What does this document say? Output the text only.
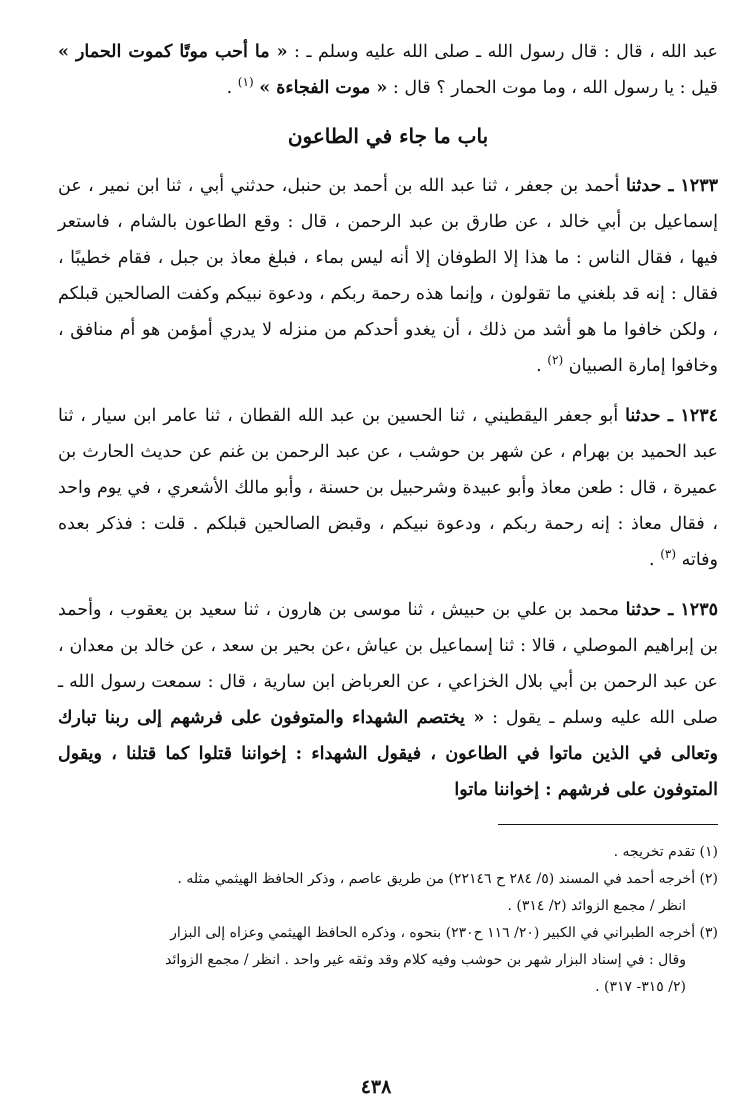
عبد الله ، قال : قال رسول الله ـ صلى الله عليه وسلم ـ : « ما أحب موتًا كموت الحمار » قيل : يا رسول الله ، وما موت الحمار ؟ قال : « موت الفجاءة » $^{(١)}$ .

باب ما جاء في الطاعون

١٢٣٣ ـ حدثنا أحمد بن جعفر ، ثنا عبد الله بن أحمد بن حنبل، حدثني أبي ، ثنا ابن نمير ، عن إسماعيل بن أبي خالد ، عن طارق بن عبد الرحمن ، قال : وقع الطاعون بالشام ، فاستعر فيها ، فقال الناس : ما هذا إلا الطوفان إلا أنه ليس بماء ، فبلغ معاذ بن جبل ، فقام خطيبًا ، فقال : إنه قد بلغني ما تقولون ، وإنما هذه رحمة ربكم ، ودعوة نبيكم وكفت الصالحين قبلكم ، ولكن خافوا ما هو أشد من ذلك ، أن يغدو أحدكم من منزله لا يدري أمؤمن هو أم منافق ، وخافوا إمارة الصبيان $^{(٢)}$ .

١٢٣٤ ـ حدثنا أبو جعفر اليقطيني ، ثنا الحسين بن عبد الله القطان ، ثنا عامر ابن سيار ، ثنا عبد الحميد بن بهرام ، عن شهر بن حوشب ، عن عبد الرحمن بن غنم عن حديث الحارث بن عميرة ، قال : طعن معاذ وأبو عبيدة وشرحبيل بن حسنة ، وأبو مالك الأشعري ، في يوم واحد ، فقال معاذ : إنه رحمة ربكم ، ودعوة نبيكم ، وقبض الصالحين قبلكم . قلت : فذكر بعده وفاته $^{(٣)}$ .

١٢٣٥ ـ حدثنا محمد بن علي بن حبيش ، ثنا موسى بن هارون ، ثنا سعيد بن يعقوب ، وأحمد بن إبراهيم الموصلي ، قالا : ثنا إسماعيل بن عياش ،عن بحير بن سعد ، عن خالد بن معدان ، عن عبد الرحمن بن أبي بلال الخزاعي ، عن العرباض ابن سارية ، قال : سمعت رسول الله ـ صلى الله عليه وسلم ـ يقول : « يختصم الشهداء والمتوفون على فرشهم إلى ربنا تبارك وتعالى في الذين ماتوا في الطاعون ، فيقول الشهداء : إخواننا قتلوا كما قتلنا ، ويقول المتوفون على فرشهم : إخواننا ماتوا

(١) تقدم تخريجه .

(٢) أخرجه أحمد في المسند (٥/ ٢٨٤ ح ٢٢١٤٦) من طريق عاصم ، وذكر الحافظ الهيثمي مثله .

انظر / مجمع الزوائد (٢/ ٣١٤) .

(٣) أخرجه الطبراني في الكبير (٢٠/ ١١٦ ح٢٣٠) بنحوه ، وذكره الحافظ الهيثمي وعزاه إلى البزار

وقال : في إسناد البزار شهر بن حوشب وفيه كلام وقد وثقه غير واحد . انظر / مجمع الزوائد

(٢/ ٣١٥- ٣١٧) .

٤٣٨
